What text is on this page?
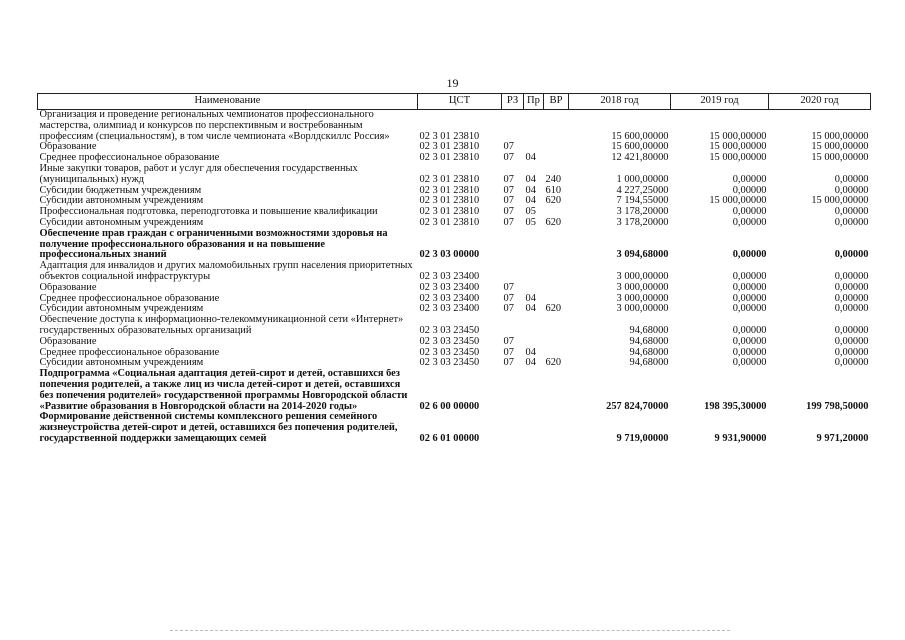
19
Наименование	ЦСТ	РЗ	Пр	ВР	2018 год	2019 год	2020 год
Организация и проведение региональных чемпионатов профессионального мастерства, олимпиад и конкурсов по перспективным и востребованным профессиям (специальностям), в том числе чемпионата «Ворлдскиллс Россия»	02 3 01 23810				15 600,00000	15 000,00000	15 000,00000
Образование	02 3 01 23810	07			15 600,00000	15 000,00000	15 000,00000
Среднее профессиональное образование	02 3 01 23810	07	04		12 421,80000	15 000,00000	15 000,00000
Иные закупки товаров, работ и услуг для обеспечения государственных (муниципальных) нужд	02 3 01 23810	07	04	240	1 000,00000	0,00000	0,00000
Субсидии бюджетным учреждениям	02 3 01 23810	07	04	610	4 227,25000	0,00000	0,00000
Субсидии автономным учреждениям	02 3 01 23810	07	04	620	7 194,55000	15 000,00000	15 000,00000
Профессиональная подготовка, переподготовка и повышение квалификации	02 3 01 23810	07	05		3 178,20000	0,00000	0,00000
Субсидии автономным учреждениям	02 3 01 23810	07	05	620	3 178,20000	0,00000	0,00000
Обеспечение прав граждан с ограниченными возможностями здоровья на получение профессионального образования и на повышение профессиональных знаний	02 3 03 00000				3 094,68000	0,00000	0,00000
Адаптация для инвалидов и других маломобильных групп населения приоритетных объектов социальной инфраструктуры	02 3 03 23400				3 000,00000	0,00000	0,00000
Образование	02 3 03 23400	07			3 000,00000	0,00000	0,00000
Среднее профессиональное образование	02 3 03 23400	07	04		3 000,00000	0,00000	0,00000
Субсидии автономным учреждениям	02 3 03 23400	07	04	620	3 000,00000	0,00000	0,00000
Обеспечение доступа к информационно-телекоммуникационной сети «Интернет» государственных образовательных организаций	02 3 03 23450				94,68000	0,00000	0,00000
Образование	02 3 03 23450	07			94,68000	0,00000	0,00000
Среднее профессиональное образование	02 3 03 23450	07	04		94,68000	0,00000	0,00000
Субсидии автономным учреждениям	02 3 03 23450	07	04	620	94,68000	0,00000	0,00000
Подпрограмма «Социальная адаптация детей-сирот и детей, оставшихся без попечения родителей, а также лиц из числа детей-сирот и детей, оставшихся без попечения родителей» государственной программы Новгородской области «Развитие образования в Новгородской области на 2014-2020 годы»	02 6 00 00000				257 824,70000	198 395,30000	199 798,50000
Формирование действенной системы комплексного решения семейного жизнеустройства детей-сирот и детей, оставшихся без попечения родителей, государственной поддержки замещающих семей	02 6 01 00000				9 719,00000	9 931,90000	9 971,20000
